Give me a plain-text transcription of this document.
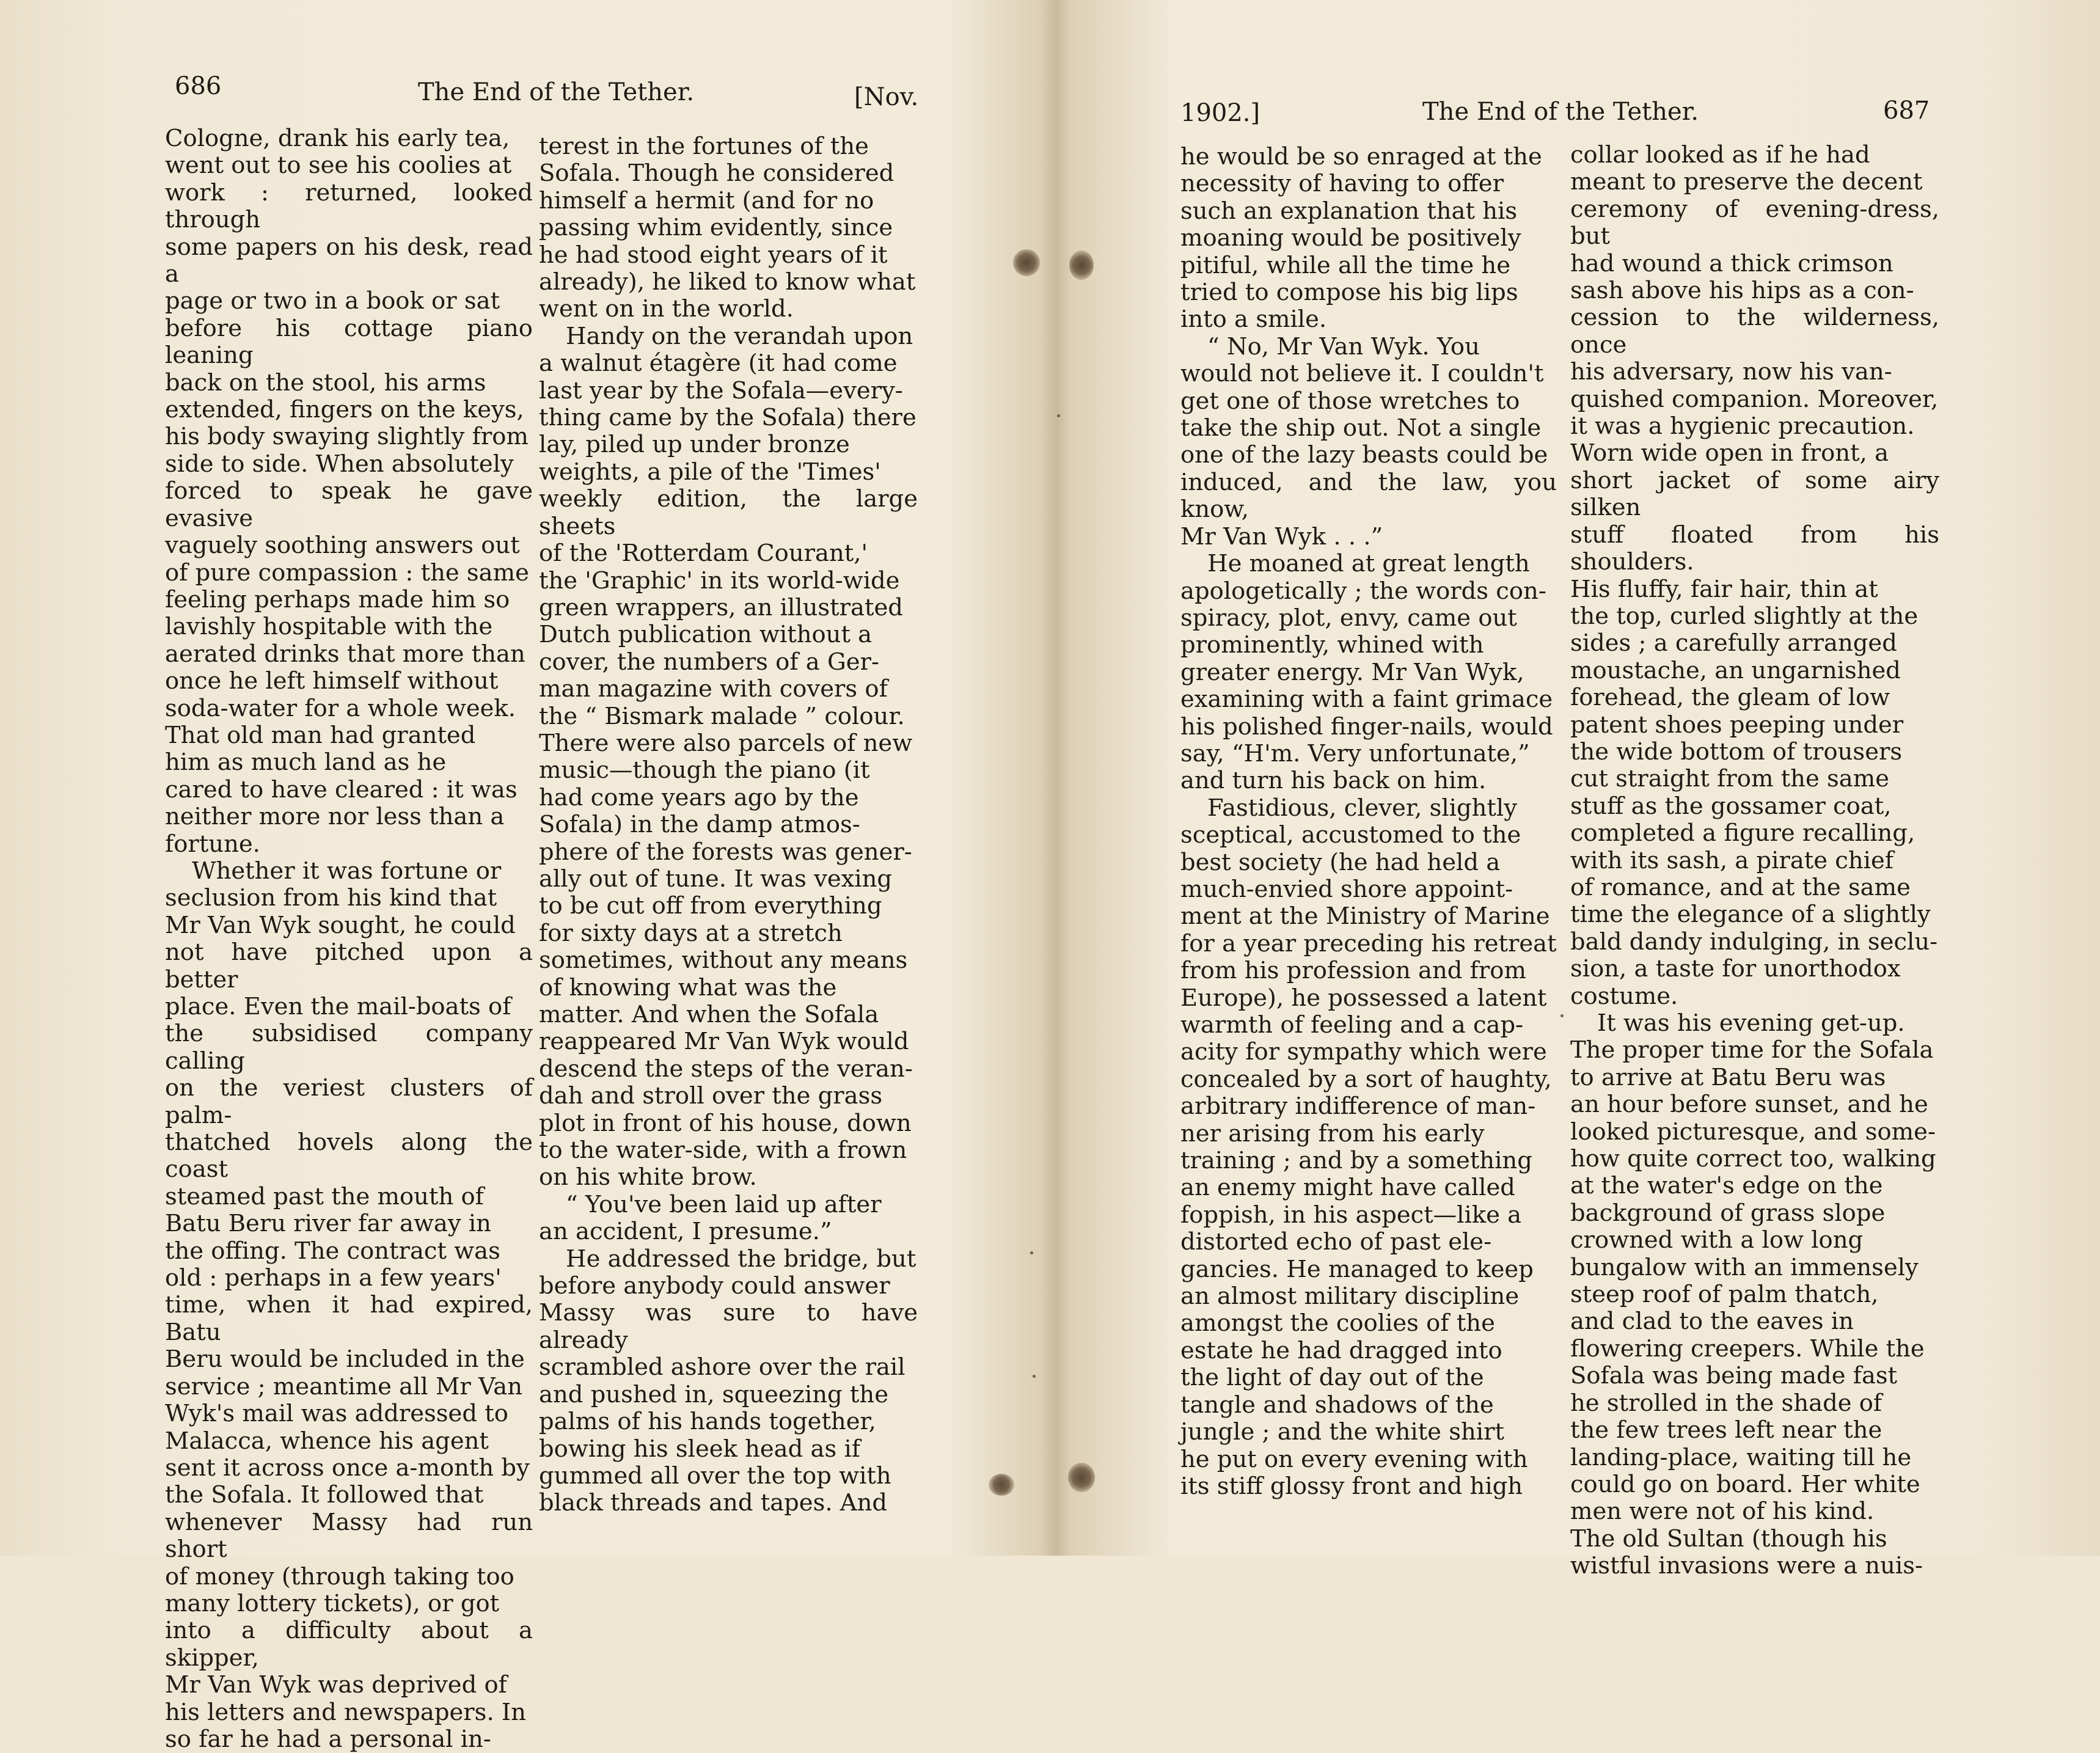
686	The End of the Tether.	[Nov.

Cologne, drank his early tea,
went out to see his coolies at
work : returned, looked through
some papers on his desk, read a
page or two in a book or sat
before his cottage piano leaning
back on the stool, his arms
extended, fingers on the keys,
his body swaying slightly from
side to side. When absolutely
forced to speak he gave evasive
vaguely soothing answers out
of pure compassion : the same
feeling perhaps made him so
lavishly hospitable with the
aerated drinks that more than
once he left himself without
soda-water for a whole week.
That old man had granted
him as much land as he
cared to have cleared : it was
neither more nor less than a
fortune.

Whether it was fortune or
seclusion from his kind that
Mr Van Wyk sought, he could
not have pitched upon a better
place. Even the mail-boats of
the subsidised company calling
on the veriest clusters of palm-
thatched hovels along the coast
steamed past the mouth of
Batu Beru river far away in
the offing. The contract was
old : perhaps in a few years'
time, when it had expired, Batu
Beru would be included in the
service ; meantime all Mr Van
Wyk's mail was addressed to
Malacca, whence his agent
sent it across once a-month by
the Sofala. It followed that
whenever Massy had run short
of money (through taking too
many lottery tickets), or got
into a difficulty about a skipper,
Mr Van Wyk was deprived of
his letters and newspapers. In
so far he had a personal in-

terest in the fortunes of the
Sofala. Though he considered
himself a hermit (and for no
passing whim evidently, since
he had stood eight years of it
already), he liked to know what
went on in the world.

Handy on the verandah upon
a walnut étagère (it had come
last year by the Sofala—every-
thing came by the Sofala) there
lay, piled up under bronze
weights, a pile of the 'Times'
weekly edition, the large sheets
of the 'Rotterdam Courant,'
the 'Graphic' in its world-wide
green wrappers, an illustrated
Dutch publication without a
cover, the numbers of a Ger-
man magazine with covers of
the “ Bismark malade ” colour.
There were also parcels of new
music—though the piano (it
had come years ago by the
Sofala) in the damp atmos-
phere of the forests was gener-
ally out of tune. It was vexing
to be cut off from everything
for sixty days at a stretch
sometimes, without any means
of knowing what was the
matter. And when the Sofala
reappeared Mr Van Wyk would
descend the steps of the veran-
dah and stroll over the grass
plot in front of his house, down
to the water-side, with a frown
on his white brow.

“ You've been laid up after
an accident, I presume.”

He addressed the bridge, but
before anybody could answer
Massy was sure to have already
scrambled ashore over the rail
and pushed in, squeezing the
palms of his hands together,
bowing his sleek head as if
gummed all over the top with
black threads and tapes. And

1902.]	The End of the Tether.	687

he would be so enraged at the
necessity of having to offer
such an explanation that his
moaning would be positively
pitiful, while all the time he
tried to compose his big lips
into a smile.

“ No, Mr Van Wyk. You
would not believe it. I couldn't
get one of those wretches to
take the ship out. Not a single
one of the lazy beasts could be
induced, and the law, you know,
Mr Van Wyk . . .”

He moaned at great length
apologetically ; the words con-
spiracy, plot, envy, came out
prominently, whined with
greater energy. Mr Van Wyk,
examining with a faint grimace
his polished finger-nails, would
say, “H'm. Very unfortunate,”
and turn his back on him.

Fastidious, clever, slightly
sceptical, accustomed to the
best society (he had held a
much-envied shore appoint-
ment at the Ministry of Marine
for a year preceding his retreat
from his profession and from
Europe), he possessed a latent
warmth of feeling and a cap-
acity for sympathy which were
concealed by a sort of haughty,
arbitrary indifference of man-
ner arising from his early
training ; and by a something
an enemy might have called
foppish, in his aspect—like a
distorted echo of past ele-
gancies. He managed to keep
an almost military discipline
amongst the coolies of the
estate he had dragged into
the light of day out of the
tangle and shadows of the
jungle ; and the white shirt
he put on every evening with
its stiff glossy front and high

collar looked as if he had
meant to preserve the decent
ceremony of evening-dress, but
had wound a thick crimson
sash above his hips as a con-
cession to the wilderness, once
his adversary, now his van-
quished companion. Moreover,
it was a hygienic precaution.
Worn wide open in front, a
short jacket of some airy silken
stuff floated from his shoulders.
His fluffy, fair hair, thin at
the top, curled slightly at the
sides ; a carefully arranged
moustache, an ungarnished
forehead, the gleam of low
patent shoes peeping under
the wide bottom of trousers
cut straight from the same
stuff as the gossamer coat,
completed a figure recalling,
with its sash, a pirate chief
of romance, and at the same
time the elegance of a slightly
bald dandy indulging, in seclu-
sion, a taste for unorthodox
costume.

It was his evening get-up.
The proper time for the Sofala
to arrive at Batu Beru was
an hour before sunset, and he
looked picturesque, and some-
how quite correct too, walking
at the water's edge on the
background of grass slope
crowned with a low long
bungalow with an immensely
steep roof of palm thatch,
and clad to the eaves in
flowering creepers. While the
Sofala was being made fast
he strolled in the shade of
the few trees left near the
landing-place, waiting till he
could go on board. Her white
men were not of his kind.
The old Sultan (though his
wistful invasions were a nuis-
